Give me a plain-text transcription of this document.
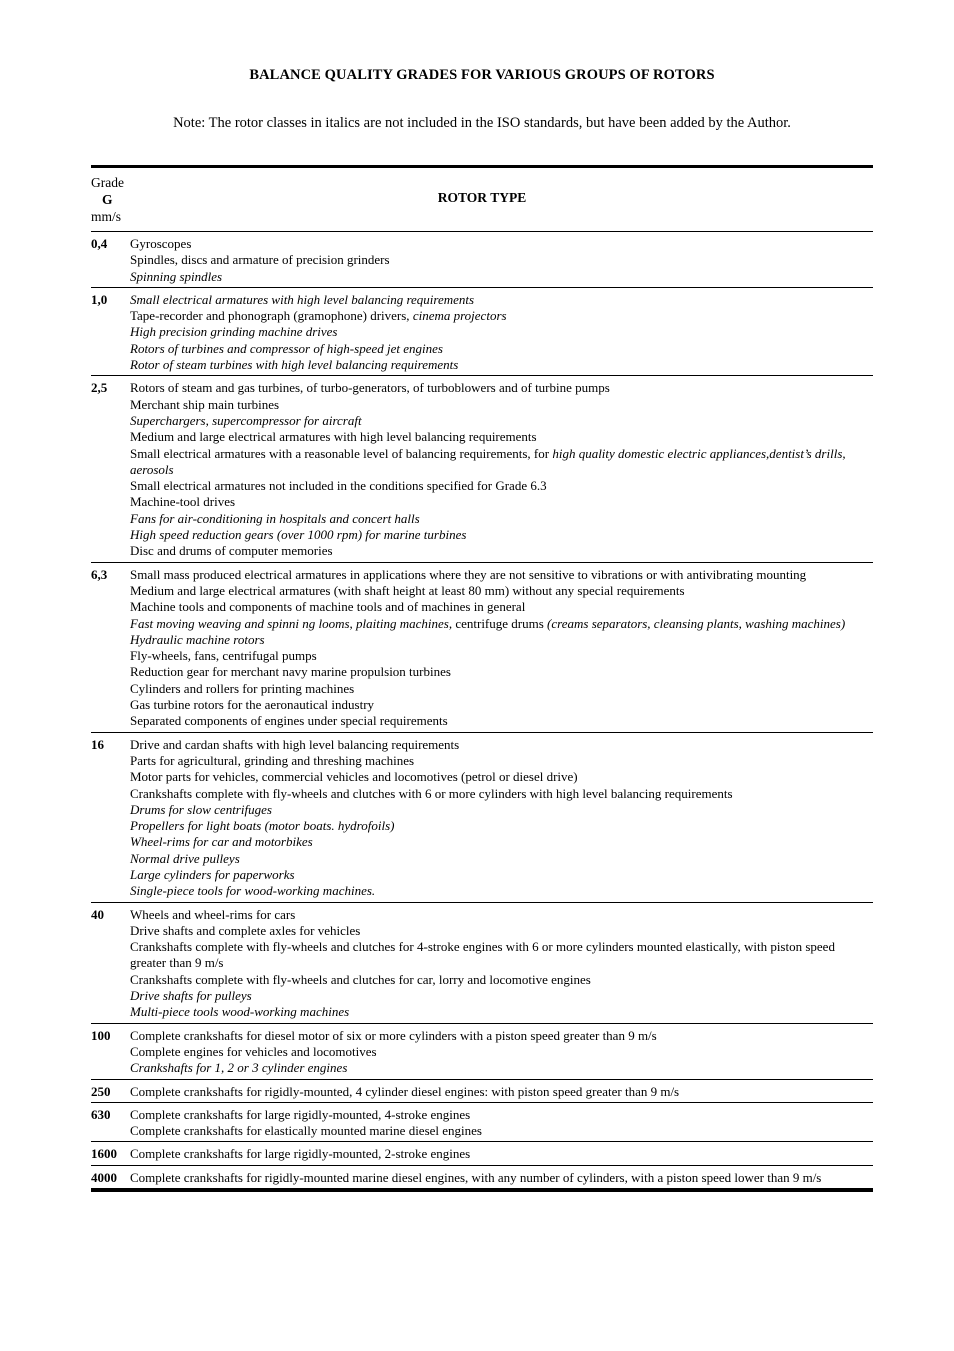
BALANCE QUALITY GRADES FOR VARIOUS GROUPS OF ROTORS
Note: The rotor classes in italics are not included in the ISO standards, but have been added by the Author.
Grade

G
mm/s
ROTOR TYPE
0,4	Gyroscopes
Spindles, discs and armature of precision grinders
Spinning spindles
1,0	Small electrical armatures with high level balancing requirements
Tape-recorder and phonograph (gramophone) drivers, cinema projectors
High precision grinding machine drives
Rotors of turbines and compressor of high-speed jet engines
Rotor of steam turbines with high level balancing requirements
2,5	Rotors of steam and gas turbines, of turbo-generators, of turboblowers and of turbine pumps
Merchant ship main turbines
Superchargers, supercompressor for aircraft
Medium and large electrical armatures with high level balancing requirements
Small electrical armatures with a reasonable level of balancing requirements, for high quality domestic electric appliances,dentist’s drills, aerosols
Small electrical armatures not included in the conditions specified for Grade 6.3
Machine-tool drives
Fans for air-conditioning in hospitals and concert halls
High speed reduction gears (over 1000 rpm) for marine turbines
Disc and drums of computer memories
6,3	Small mass produced electrical armatures in applications where they are not sensitive to vibrations or with antivibrating mounting
Medium and large electrical armatures (with shaft height at least 80 mm) without any special requirements
Machine tools and components of machine tools and of machines in general
Fast moving weaving and spinni ng looms, plaiting machines, centrifuge drums (creams separators, cleansing plants, washing machines)
Hydraulic machine rotors
Fly-wheels, fans, centrifugal pumps
Reduction gear for merchant navy marine propulsion turbines
Cylinders and rollers for printing machines
Gas turbine rotors for the aeronautical industry
Separated components of engines under special requirements
16	Drive and cardan shafts with high level balancing requirements
Parts for agricultural, grinding and threshing machines
Motor parts for vehicles, commercial vehicles and locomotives (petrol or diesel drive)
Crankshafts complete with fly-wheels and clutches with 6 or more cylinders with high level balancing requirements
Drums for slow centrifuges
Propellers for light boats (motor boats. hydrofoils)
Wheel-rims for car and motorbikes
Normal drive pulleys
Large cylinders for paperworks
Single-piece tools for wood-working machines.
40	Wheels and wheel-rims for cars
Drive shafts and complete axles for vehicles
Crankshafts complete with fly-wheels and clutches for 4-stroke engines with 6 or more cylinders mounted elastically, with piston speed greater than 9 m/s
Crankshafts complete with fly-wheels and clutches for car, lorry and locomotive engines
Drive shafts for pulleys
Multi-piece tools wood-working machines
100	Complete crankshafts for diesel motor of six or more cylinders with a piston speed greater than 9 m/s
Complete engines for vehicles and locomotives
Crankshafts for 1, 2 or 3 cylinder engines
250	Complete crankshafts for rigidly-mounted, 4 cylinder diesel engines: with piston speed greater than 9 m/s
630	Complete crankshafts for large rigidly-mounted, 4-stroke engines
Complete crankshafts for elastically mounted marine diesel engines
1600	Complete crankshafts for large rigidly-mounted, 2-stroke engines
4000	Complete crankshafts for rigidly-mounted marine diesel engines, with any number of cylinders, with a piston speed lower than 9 m/s
